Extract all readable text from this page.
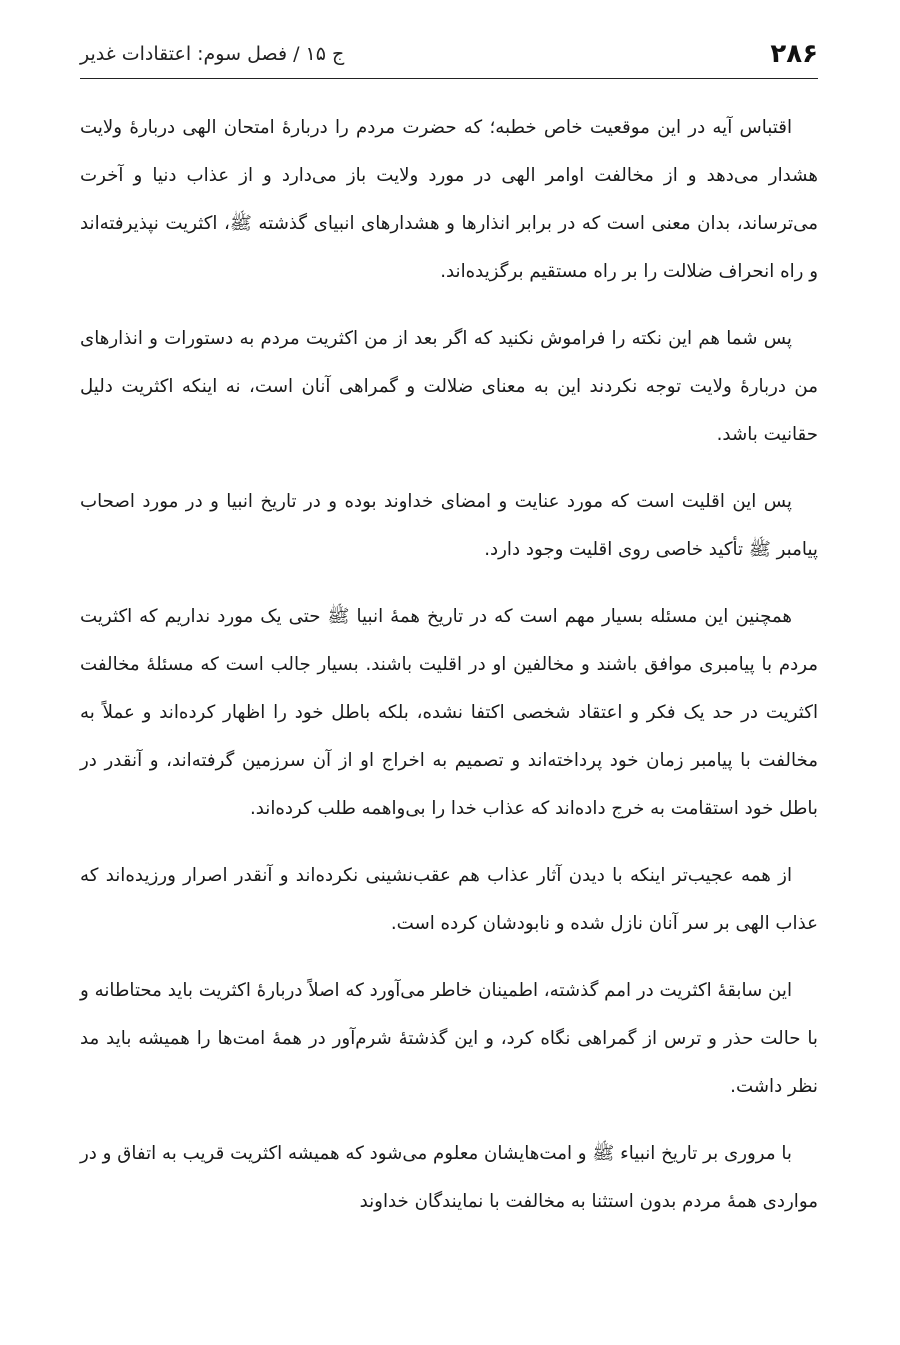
۲۸۶
ج ۱۵ / فصل سوم: اعتقادات غدیر

اقتباس آیه در این موقعیت خاص خطبه؛ که حضرت مردم را دربارهٔ امتحان الهی دربارهٔ ولایت هشدار می‌دهد و از مخالفت اوامر الهی در مورد ولایت باز می‌دارد و از عذاب دنیا و آخرت می‌ترساند، بدان معنی است که در برابر انذارها و هشدارهای انبیای گذشته ﷺ، اکثریت نپذیرفته‌اند و راه انحراف ضلالت را بر راه مستقیم برگزیده‌اند.

پس شما هم این نکته را فراموش نکنید که اگر بعد از من اکثریت مردم به دستورات و انذارهای من دربارهٔ ولایت توجه نکردند این به معنای ضلالت و گمراهی آنان است، نه اینکه اکثریت دلیل حقانیت باشد.

پس این اقلیت است که مورد عنایت و امضای خداوند بوده و در تاریخ انبیا و در مورد اصحاب پیامبر ﷺ تأکید خاصی روی اقلیت وجود دارد.

همچنین این مسئله بسیار مهم است که در تاریخ همهٔ انبیا ﷺ حتی یک مورد نداریم که اکثریت مردم با پیامبری موافق باشند و مخالفین او در اقلیت باشند. بسیار جالب است که مسئلهٔ مخالفت اکثریت در حد یک فکر و اعتقاد شخصی اکتفا نشده، بلکه باطل خود را اظهار کرده‌اند و عملاً به مخالفت با پیامبر زمان خود پرداخته‌اند و تصمیم به اخراج او از آن سرزمین گرفته‌اند، و آنقدر در باطل خود استقامت به خرج داده‌اند که عذاب خدا را بی‌واهمه طلب کرده‌اند.

از همه عجیب‌تر اینکه با دیدن آثار عذاب هم عقب‌نشینی نکرده‌اند و آنقدر اصرار ورزیده‌اند که عذاب الهی بر سر آنان نازل شده و نابودشان کرده است.

این سابقهٔ اکثریت در امم گذشته، اطمینان خاطر می‌آورد که اصلاً دربارهٔ اکثریت باید محتاطانه و با حالت حذر و ترس از گمراهی نگاه کرد، و این گذشتهٔ شرم‌آور در همهٔ امت‌ها را همیشه باید مد نظر داشت.

با مروری بر تاریخ انبیاء ﷺ و امت‌هایشان معلوم می‌شود که همیشه اکثریت قریب به اتفاق و در مواردی همهٔ مردم بدون استثنا به مخالفت با نمایندگان خداوند
